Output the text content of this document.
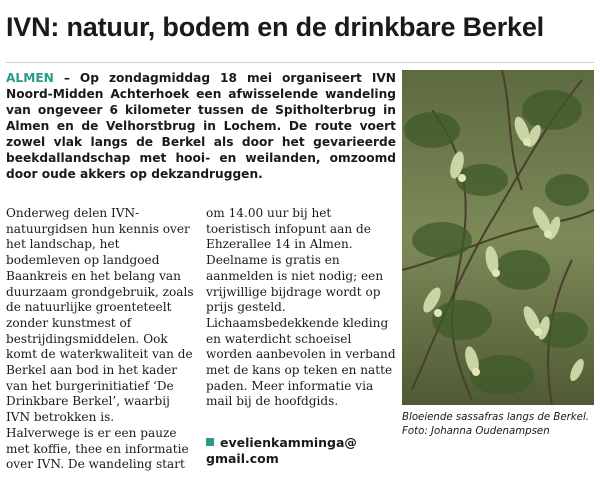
IVN: natuur, bodem en de drinkbare Berkel
ALMEN – Op zondagmiddag 18 mei organiseert IVN Noord-Midden Achterhoek een afwisselende wandeling van ongeveer 6 kilometer tussen de Spitholterbrug in Almen en de Velhorstbrug in Lochem. De route voert zowel vlak langs de Berkel als door het gevarieerde beekdallandschap met hooi- en weilanden, omzoomd door oude akkers op dekzandruggen.

Onderweg delen IVN-natuurgidsen hun kennis over het landschap, het bodemleven op landgoed Baankreis en het belang van duurzaam grondgebruik, zoals de natuurlijke groenteteelt zonder kunstmest of bestrijdingsmiddelen. Ook komt de waterkwaliteit van de Berkel aan bod in het kader van het burgerinitiatief ‘De Drinkbare Berkel’, waarbij IVN betrokken is.

Halverwege is er een pauze met koffie, thee en informatie over IVN. De wandeling start

om 14.00 uur bij het toeristisch infopunt aan de Ehzerallee 14 in Almen. Deelname is gratis en aanmelden is niet nodig; een vrijwillige bijdrage wordt op prijs gesteld. Lichaamsbedekkende kleding en waterdicht schoeisel worden aanbevolen in verband met de kans op teken en natte paden. Meer informatie via mail bij de hoofdgids.

evelienkamminga@ gmail.com
Bloeiende sassafras langs de Berkel. Foto: Johanna Oudenampsen
